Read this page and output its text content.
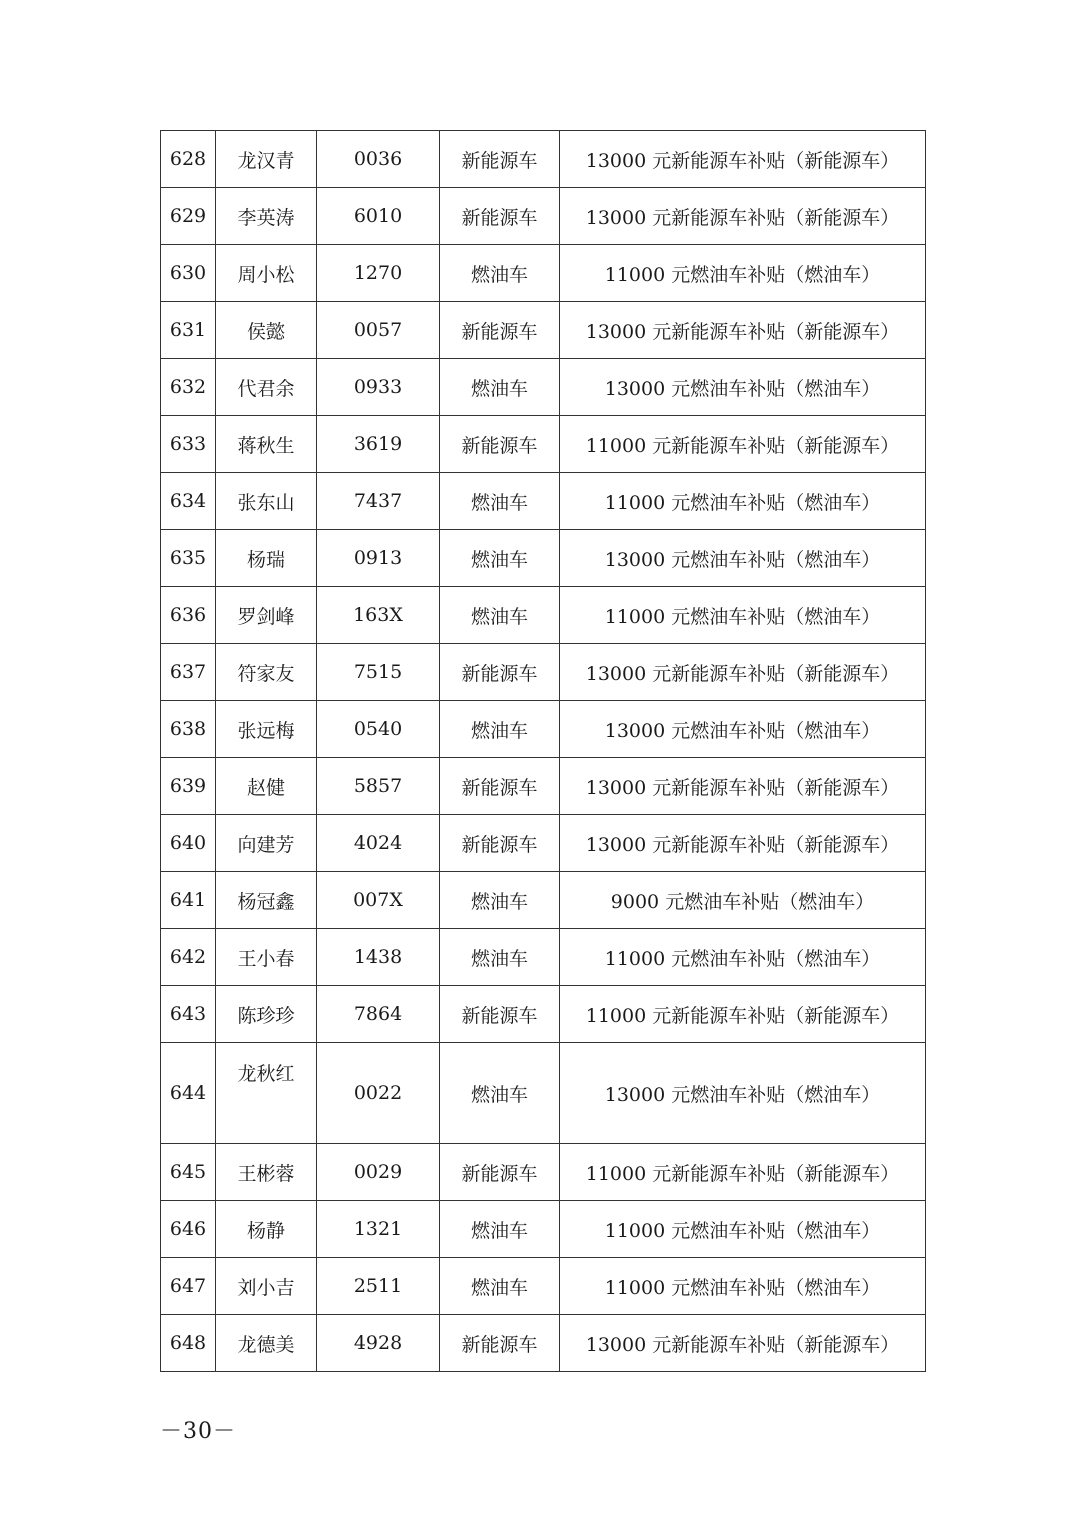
628	龙汉青	0036	新能源车	13000 元新能源车补贴（新能源车）
629	李英涛	6010	新能源车	13000 元新能源车补贴（新能源车）
630	周小松	1270	燃油车	11000 元燃油车补贴（燃油车）
631	侯懿	0057	新能源车	13000 元新能源车补贴（新能源车）
632	代君余	0933	燃油车	13000 元燃油车补贴（燃油车）
633	蒋秋生	3619	新能源车	11000 元新能源车补贴（新能源车）
634	张东山	7437	燃油车	11000 元燃油车补贴（燃油车）
635	杨瑞	0913	燃油车	13000 元燃油车补贴（燃油车）
636	罗剑峰	163X	燃油车	11000 元燃油车补贴（燃油车）
637	符家友	7515	新能源车	13000 元新能源车补贴（新能源车）
638	张远梅	0540	燃油车	13000 元燃油车补贴（燃油车）
639	赵健	5857	新能源车	13000 元新能源车补贴（新能源车）
640	向建芳	4024	新能源车	13000 元新能源车补贴（新能源车）
641	杨冠鑫	007X	燃油车	9000 元燃油车补贴（燃油车）
642	王小春	1438	燃油车	11000 元燃油车补贴（燃油车）
643	陈珍珍	7864	新能源车	11000 元新能源车补贴（新能源车）
644	龙秋红	0022	燃油车	13000 元燃油车补贴（燃油车）
645	王彬蓉	0029	新能源车	11000 元新能源车补贴（新能源车）
646	杨静	1321	燃油车	11000 元燃油车补贴（燃油车）
647	刘小吉	2511	燃油车	11000 元燃油车补贴（燃油车）
648	龙德美	4928	新能源车	13000 元新能源车补贴（新能源车）
－30－
